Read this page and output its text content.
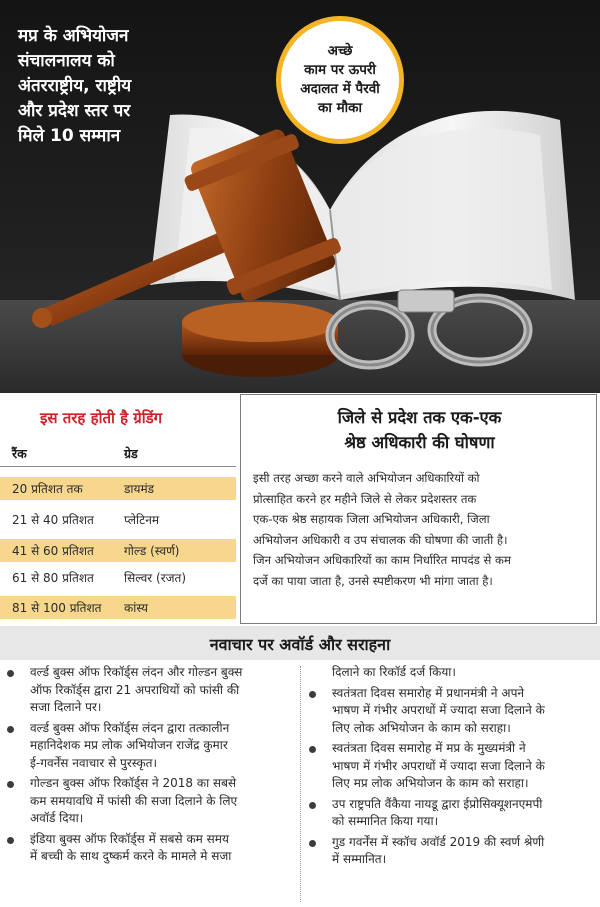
मप्र के अभियोजन
संचालनालय को
अंतरराष्ट्रीय, राष्ट्रीय
और प्रदेश स्तर पर
मिले 10 सम्मान
अच्छे
काम पर ऊपरी
अदालत में पैरवी
का मौका
इस तरह होती है ग्रेडिंग
रैंक	ग्रेड
20 प्रतिशत तक	डायमंड
21 से 40 प्रतिशत	प्लेटिनम
41 से 60 प्रतिशत	गोल्ड (स्वर्ण)
61 से 80 प्रतिशत	सिल्वर (रजत)
81 से 100 प्रतिशत कांस्य
जिले से प्रदेश तक एक-एक
श्रेष्ठ अधिकारी की घोषणा
इसी तरह अच्छा करने वाले अभियोजन अधिकारियों को
प्रोत्साहित करने हर महीने जिले से लेकर प्रदेशस्तर तक
एक-एक श्रेष्ठ सहायक जिला अभियोजन अधिकारी, जिला
अभियोजन अधिकारी व उप संचालक की घोषणा की जाती है।
जिन अभियोजन अधिकारियों का काम निर्धारित मापदंड से कम
दर्जे का पाया जाता है, उनसे स्पष्टीकरण भी मांगा जाता है।
नवाचार पर अवॉर्ड और सराहना
वर्ल्ड बुक्स ऑफ रिकॉर्ड्स लंदन और गोल्डन बुक्स
ऑफ रिकॉर्ड्स द्वारा 21 अपराधियों को फांसी की
सजा दिलाने पर।
वर्ल्ड बुक्स ऑफ रिकॉर्ड्स लंदन द्वारा तत्कालीन
महानिदेशक मप्र लोक अभियोजन राजेंद्र कुमार
ई-गवर्नेंस नवाचार से पुरस्कृत।
गोल्डन बुक्स ऑफ रिकॉर्ड्स ने 2018 का सबसे
कम समयावधि में फांसी की सजा दिलाने के लिए
अवॉर्ड दिया।
इंडिया बुक्स ऑफ रिकॉर्ड्स में सबसे कम समय
में बच्ची के साथ दुष्कर्म करने के मामले मे सजा
दिलाने का रिकॉर्ड दर्ज किया।
स्वतंत्रता दिवस समारोह में प्रधानमंत्री ने अपने
भाषण में गंभीर अपराधों में ज्यादा सजा दिलाने के
लिए लोक अभियोजन के काम को सराहा।
स्वतंत्रता दिवस समारोह में मप्र के मुख्यमंत्री ने
भाषण में गंभीर अपराधों में ज्यादा सजा दिलाने के
लिए मप्र लोक अभियोजन के काम को सराहा।
उप राष्ट्रपति वैंकैया नायडू द्वारा ईप्रोसिक्यूशनएमपी
को सम्मानित किया गया।
गुड गवर्नेंस में स्कॉच अवॉर्ड 2019 की स्वर्ण श्रेणी
में सम्मानित।
